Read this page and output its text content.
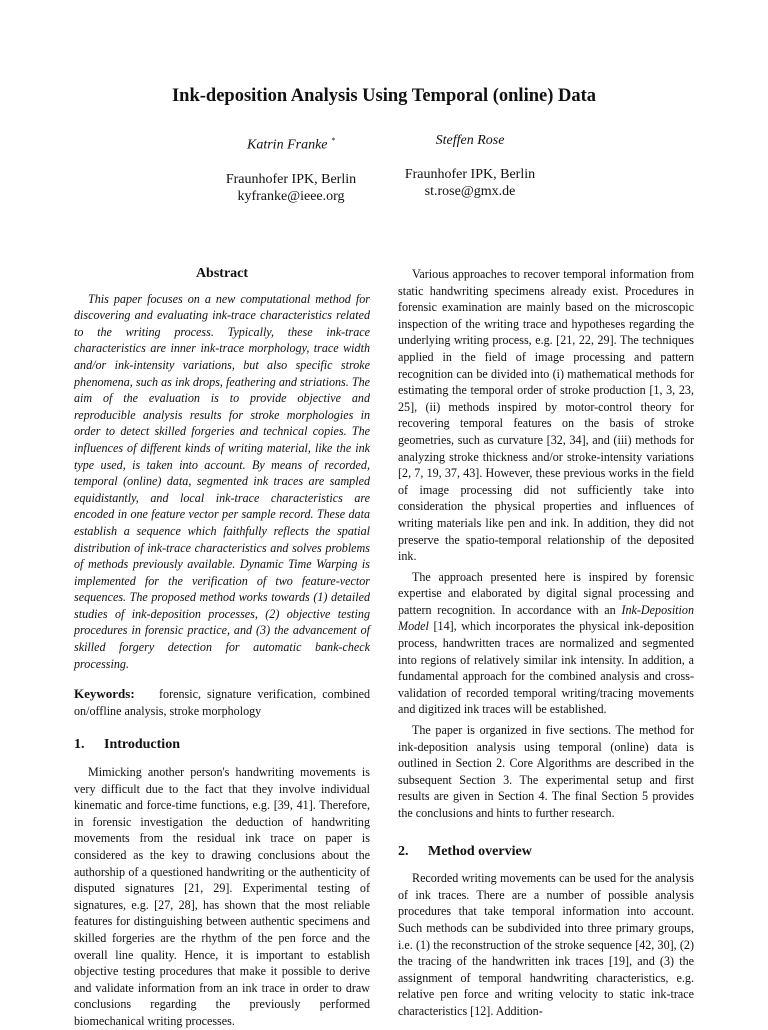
Ink-deposition Analysis Using Temporal (online) Data
Katrin Franke *
Fraunhofer IPK, Berlin
kyfranke@ieee.org
Steffen Rose
Fraunhofer IPK, Berlin
st.rose@gmx.de
Abstract

This paper focuses on a new computational method for discovering and evaluating ink-trace characteristics related to the writing process. Typically, these ink-trace characteristics are inner ink-trace morphology, trace width and/or ink-intensity variations, but also specific stroke phenomena, such as ink drops, feathering and striations. The aim of the evaluation is to provide objective and reproducible analysis results for stroke morphologies in order to detect skilled forgeries and technical copies. The influences of different kinds of writing material, like the ink type used, is taken into account. By means of recorded, temporal (online) data, segmented ink traces are sampled equidistantly, and local ink-trace characteristics are encoded in one feature vector per sample record. These data establish a sequence which faithfully reflects the spatial distribution of ink-trace characteristics and solves problems of methods previously available. Dynamic Time Warping is implemented for the verification of two feature-vector sequences. The proposed method works towards (1) detailed studies of ink-deposition processes, (2) objective testing procedures in forensic practice, and (3) the advancement of skilled forgery detection for automatic bank-check processing.

Keywords: forensic, signature verification, combined on/offline analysis, stroke morphology

1. Introduction

Mimicking another person's handwriting movements is very difficult due to the fact that they involve individual kinematic and force-time functions, e.g. [39, 41]. Therefore, in forensic investigation the deduction of handwriting movements from the residual ink trace on paper is considered as the key to drawing conclusions about the authorship of a questioned handwriting or the authenticity of disputed signatures [21, 29]. Experimental testing of signatures, e.g. [27, 28], has shown that the most reliable features for distinguishing between authentic specimens and skilled forgeries are the rhythm of the pen force and the overall line quality. Hence, it is important to establish objective testing procedures that make it possible to derive and validate information from an ink trace in order to draw conclusions regarding the previously performed biomechanical writing processes.

Various approaches to recover temporal information from static handwriting specimens already exist. Procedures in forensic examination are mainly based on the microscopic inspection of the writing trace and hypotheses regarding the underlying writing process, e.g. [21, 22, 29]. The techniques applied in the field of image processing and pattern recognition can be divided into (i) mathematical methods for estimating the temporal order of stroke production [1, 3, 23, 25], (ii) methods inspired by motor-control theory for recovering temporal features on the basis of stroke geometries, such as curvature [32, 34], and (iii) methods for analyzing stroke thickness and/or stroke-intensity variations [2, 7, 19, 37, 43]. However, these previous works in the field of image processing did not sufficiently take into consideration the physical properties and influences of writing materials like pen and ink. In addition, they did not preserve the spatio-temporal relationship of the deposited ink.

The approach presented here is inspired by forensic expertise and elaborated by digital signal processing and pattern recognition. In accordance with an Ink-Deposition Model [14], which incorporates the physical ink-deposition process, handwritten traces are normalized and segmented into regions of relatively similar ink intensity. In addition, a fundamental approach for the combined analysis and cross-validation of recorded temporal writing/tracing movements and digitized ink traces will be established.

The paper is organized in five sections. The method for ink-deposition analysis using temporal (online) data is outlined in Section 2. Core Algorithms are described in the subsequent Section 3. The experimental setup and first results are given in Section 4. The final Section 5 provides the conclusions and hints to further research.

2. Method overview

Recorded writing movements can be used for the analysis of ink traces. There are a number of possible analysis procedures that take temporal information into account. Such methods can be subdivided into three primary groups, i.e. (1) the reconstruction of the stroke sequence [42, 30], (2) the tracing of the handwritten ink traces [19], and (3) the assignment of temporal handwriting characteristics, e.g. relative pen force and writing velocity to static ink-trace characteristics [12]. Addition-
